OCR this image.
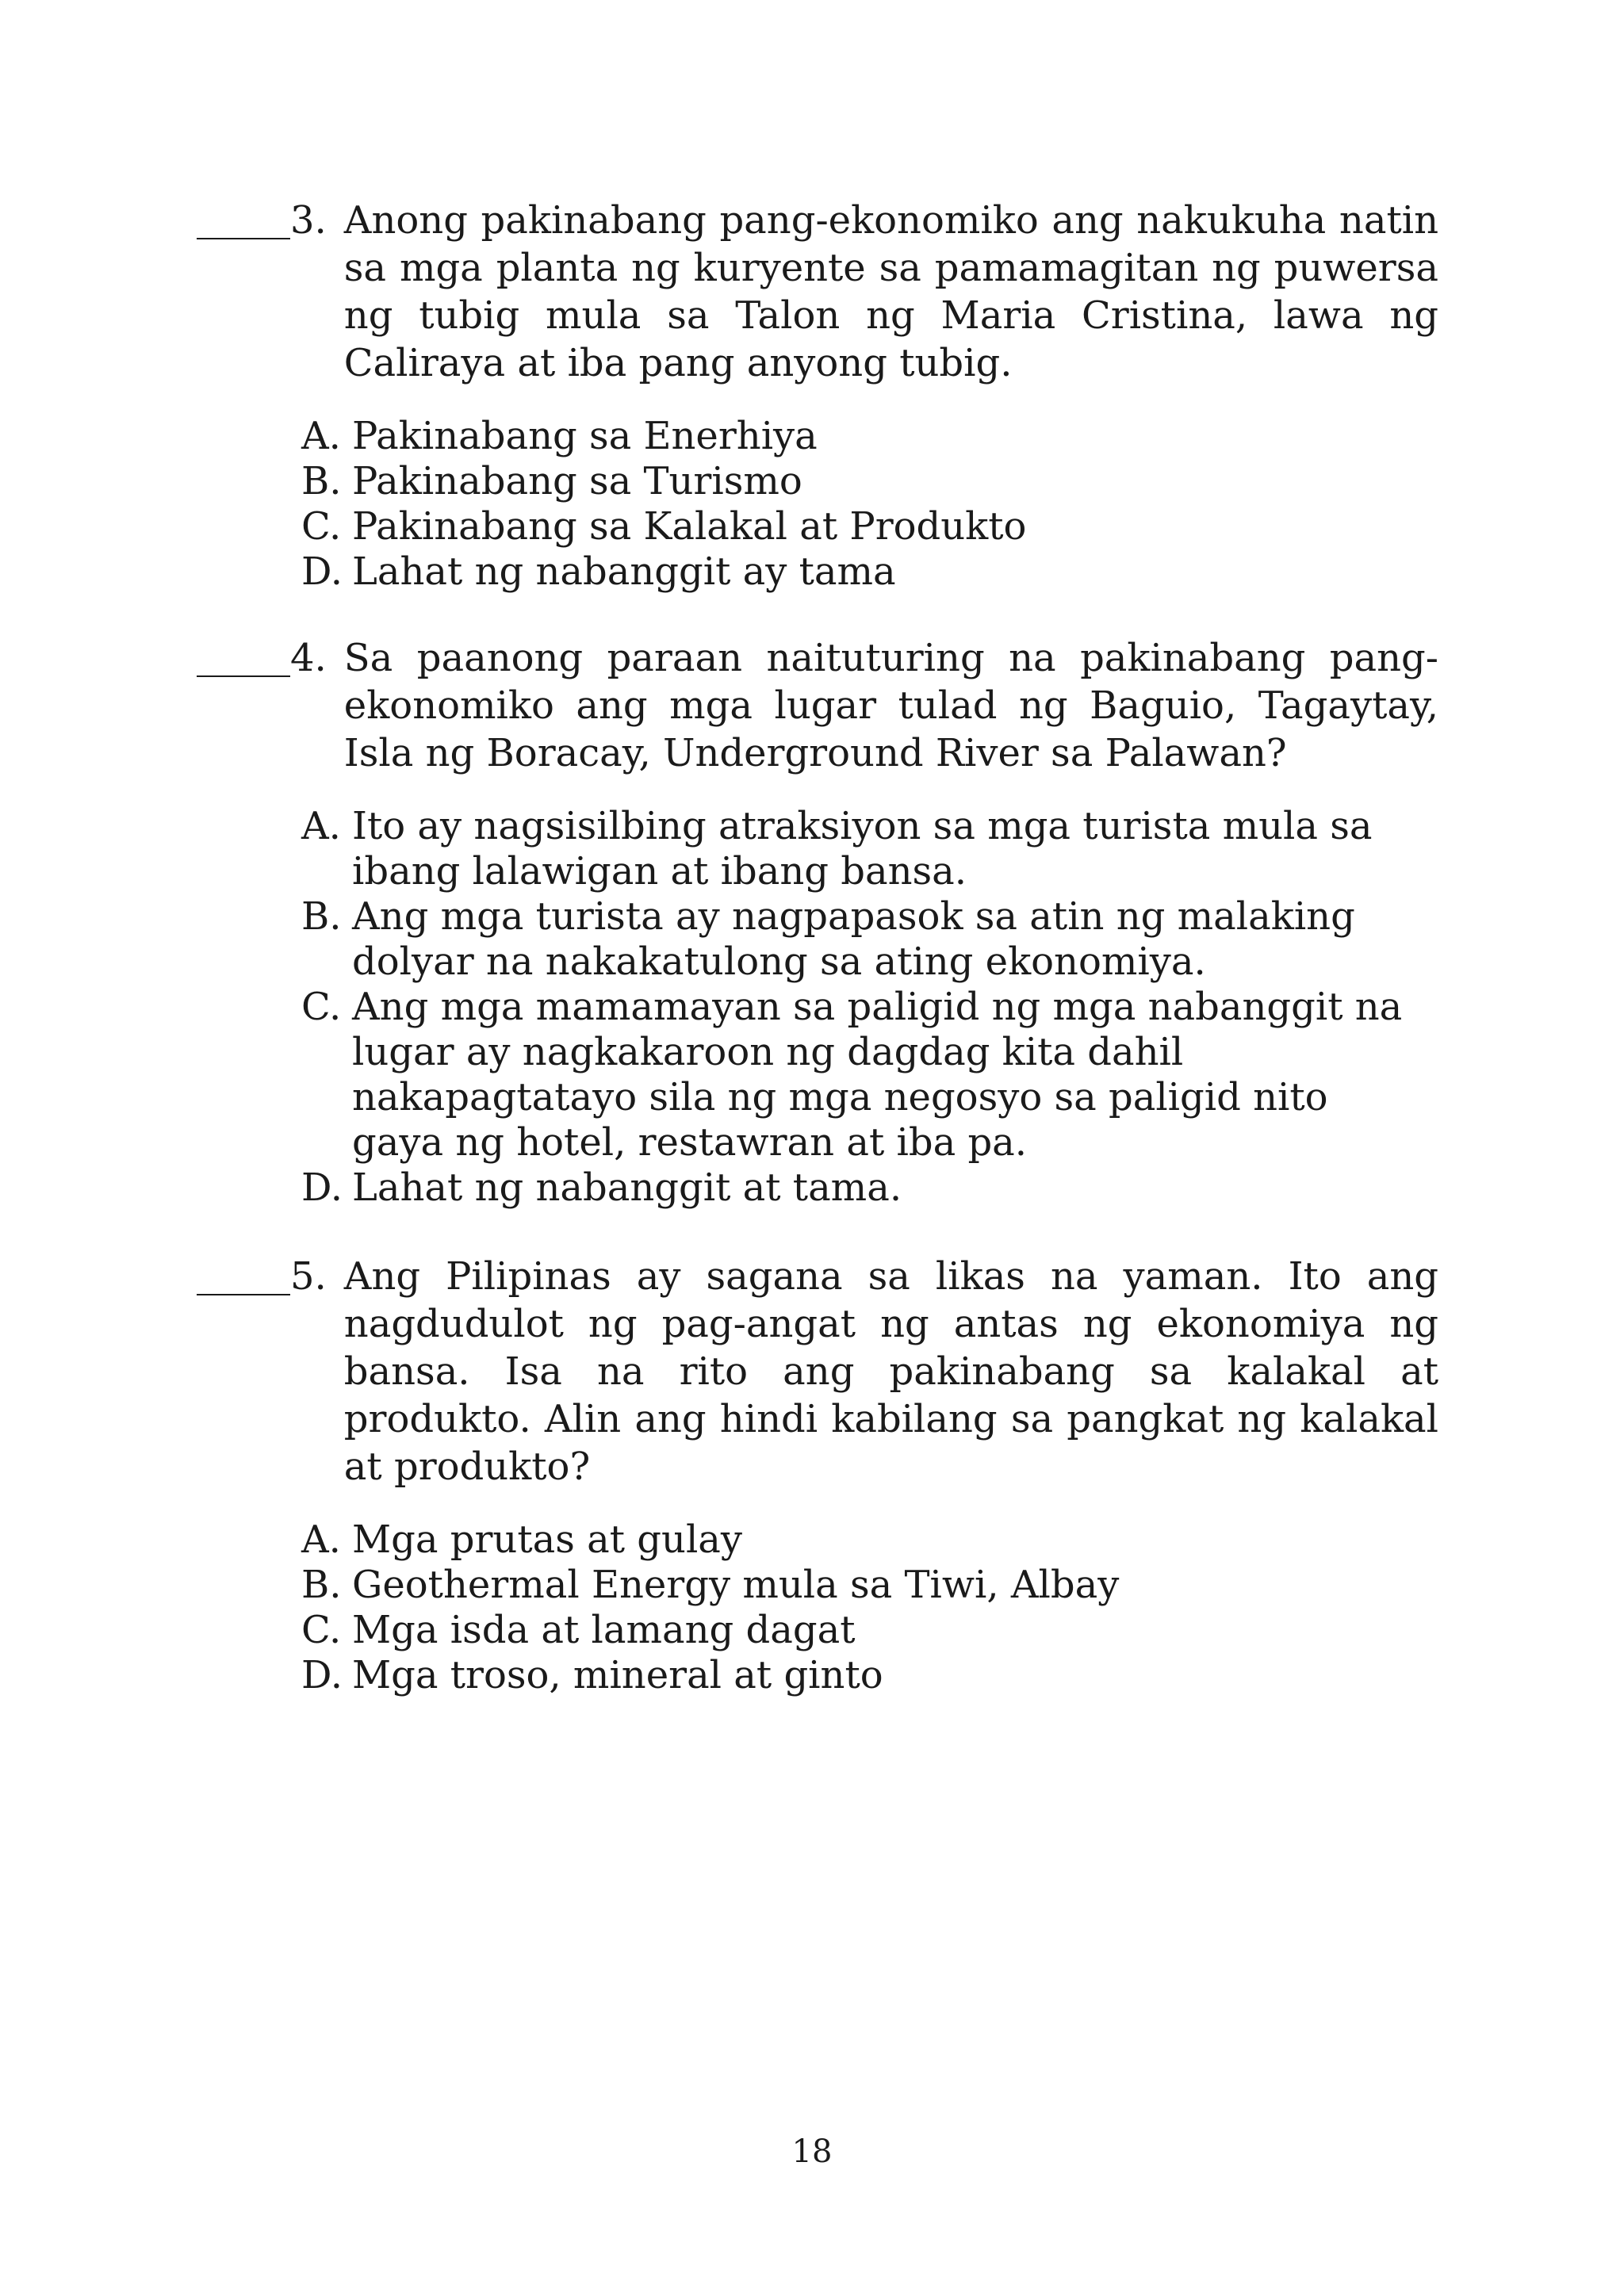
3. Anong pakinabang pang-ekonomiko ang nakukuha natin sa mga planta ng kuryente sa pamamagitan ng puwersa ng tubig mula sa Talon ng Maria Cristina, lawa ng Caliraya at iba pang anyong tubig.
A. Pakinabang sa Enerhiya
B. Pakinabang sa Turismo
C. Pakinabang sa Kalakal at Produkto
D. Lahat ng nabanggit ay tama
4. Sa paanong paraan naituturing na pakinabang pang-ekonomiko ang mga lugar tulad ng Baguio, Tagaytay, Isla ng Boracay, Underground River sa Palawan?
A. Ito ay nagsisilbing atraksiyon sa mga turista mula sa ibang lalawigan at ibang bansa.
B. Ang mga turista ay nagpapasok sa atin ng malaking dolyar na nakakatulong sa ating ekonomiya.
C. Ang mga mamamayan sa paligid ng mga nabanggit na lugar ay nagkakaroon ng dagdag kita dahil nakapagtatayo sila ng mga negosyo sa paligid nito gaya ng hotel, restawran at iba pa.
D. Lahat ng nabanggit at tama.
5. Ang Pilipinas ay sagana sa likas na yaman. Ito ang nagdudulot ng pag-angat ng antas ng ekonomiya ng bansa. Isa na rito ang pakinabang sa kalakal at produkto. Alin ang hindi kabilang sa pangkat ng kalakal at produkto?
A. Mga prutas at gulay
B. Geothermal Energy mula sa Tiwi, Albay
C. Mga isda at lamang dagat
D. Mga troso, mineral at ginto
18
